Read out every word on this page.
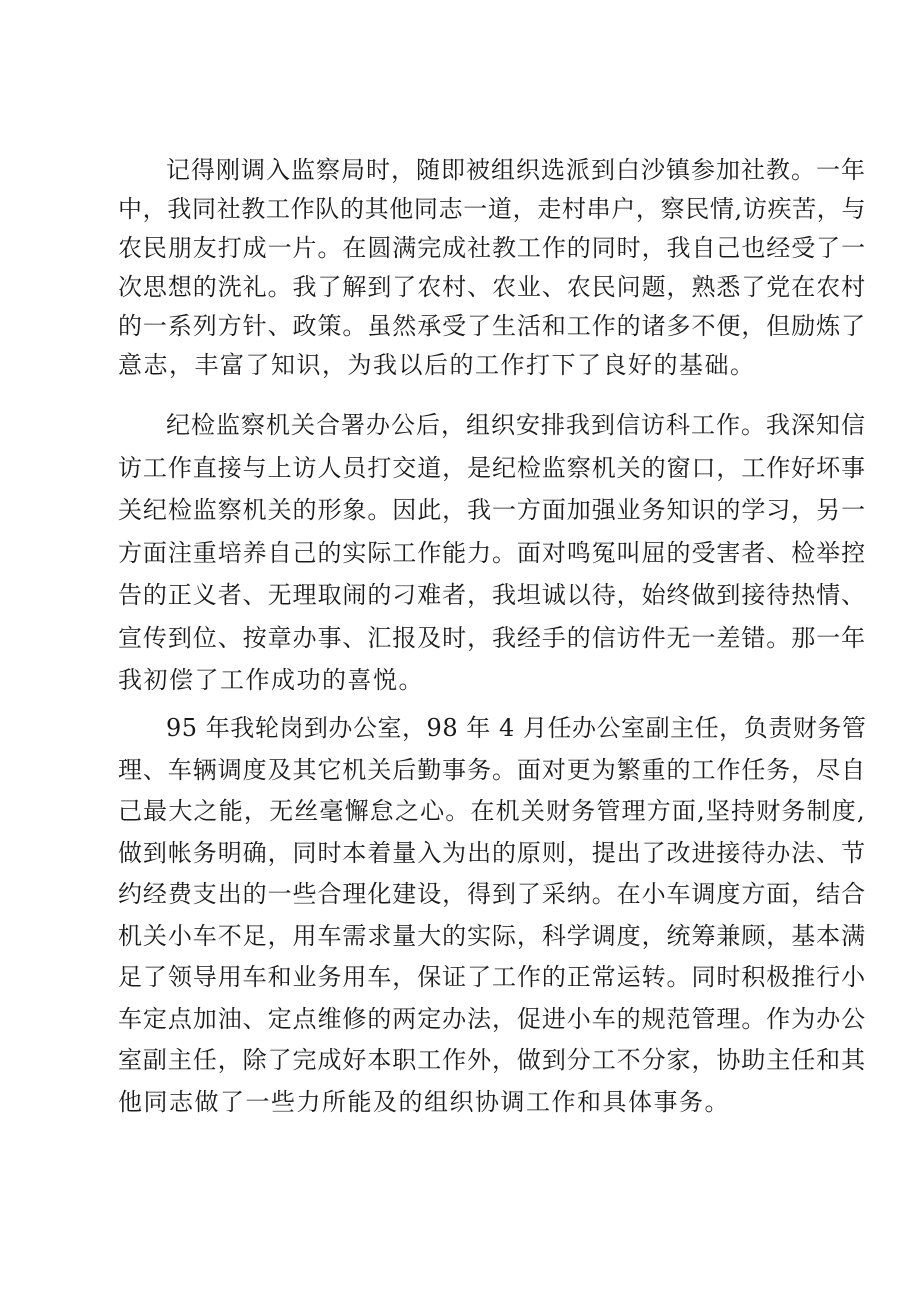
记得刚调入监察局时，随即被组织选派到白沙镇参加社教。一年
中，我同社教工作队的其他同志一道，走村串户，察民情,访疾苦，与
农民朋友打成一片。在圆满完成社教工作的同时，我自己也经受了一
次思想的洗礼。我了解到了农村、农业、农民问题，熟悉了党在农村
的一系列方针、政策。虽然承受了生活和工作的诸多不便，但励炼了
意志，丰富了知识，为我以后的工作打下了良好的基础。
纪检监察机关合署办公后，组织安排我到信访科工作。我深知信
访工作直接与上访人员打交道，是纪检监察机关的窗口，工作好坏事
关纪检监察机关的形象。因此，我一方面加强业务知识的学习，另一
方面注重培养自己的实际工作能力。面对鸣冤叫屈的受害者、检举控
告的正义者、无理取闹的刁难者，我坦诚以待，始终做到接待热情、
宣传到位、按章办事、汇报及时，我经手的信访件无一差错。那一年
我初偿了工作成功的喜悦。
95 年我轮岗到办公室，98 年 4 月任办公室副主任，负责财务管
理、车辆调度及其它机关后勤事务。面对更为繁重的工作任务，尽自
己最大之能，无丝毫懈怠之心。在机关财务管理方面,坚持财务制度,
做到帐务明确，同时本着量入为出的原则，提出了改进接待办法、节
约经费支出的一些合理化建设，得到了采纳。在小车调度方面，结合
机关小车不足，用车需求量大的实际，科学调度，统筹兼顾，基本满
足了领导用车和业务用车，保证了工作的正常运转。同时积极推行小
车定点加油、定点维修的两定办法，促进小车的规范管理。作为办公
室副主任，除了完成好本职工作外，做到分工不分家，协助主任和其
他同志做了一些力所能及的组织协调工作和具体事务。
